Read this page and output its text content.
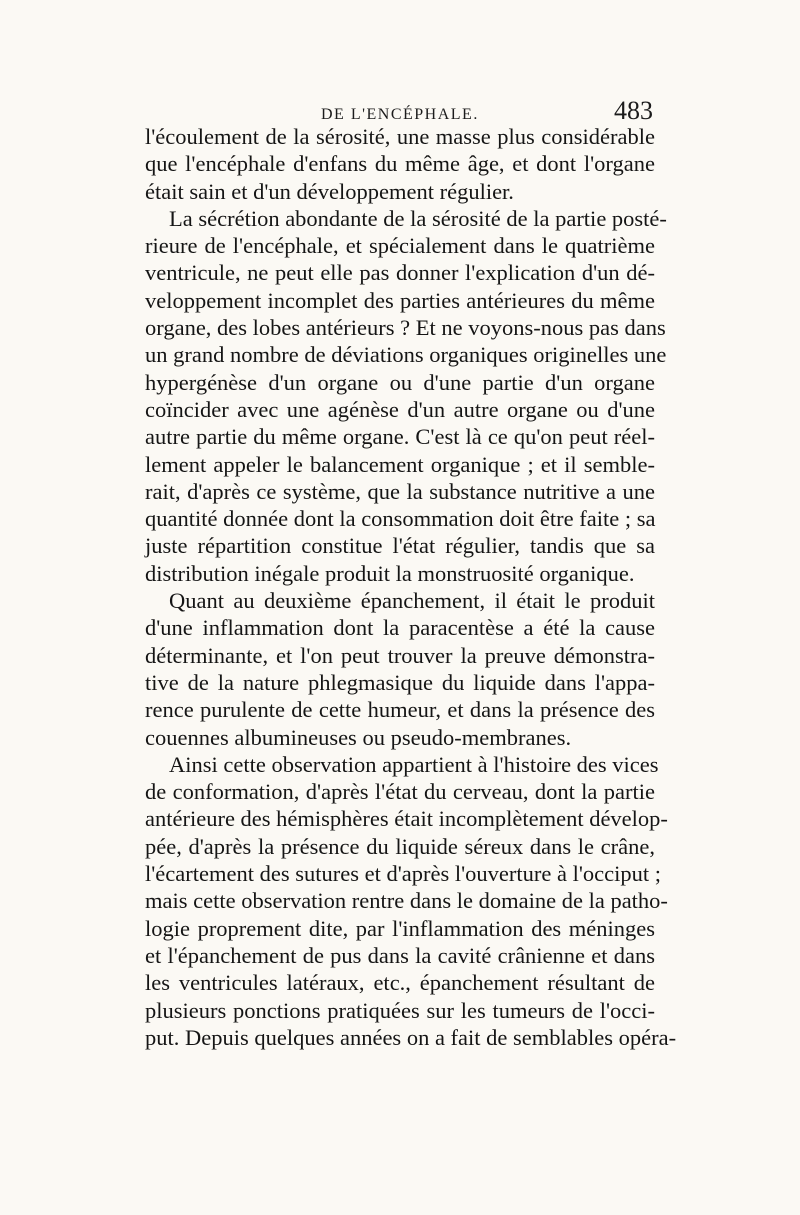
DE L'ENCÉPHALE.	483
l'écoulement de la sérosité, une masse plus considérable
que l'encéphale d'enfans du même âge, et dont l'organe
était sain et d'un développement régulier.
La sécrétion abondante de la sérosité de la partie posté-
rieure de l'encéphale, et spécialement dans le quatrième
ventricule, ne peut elle pas donner l'explication d'un dé-
veloppement incomplet des parties antérieures du même
organe, des lobes antérieurs ? Et ne voyons-nous pas dans
un grand nombre de déviations organiques originelles une
hypergénèse d'un organe ou d'une partie d'un organe
coïncider avec une agénèse d'un autre organe ou d'une
autre partie du même organe. C'est là ce qu'on peut réel-
lement appeler le balancement organique ; et il semble-
rait, d'après ce système, que la substance nutritive a une
quantité donnée dont la consommation doit être faite ; sa
juste répartition constitue l'état régulier, tandis que sa
distribution inégale produit la monstruosité organique.
Quant au deuxième épanchement, il était le produit
d'une inflammation dont la paracentèse a été la cause
déterminante, et l'on peut trouver la preuve démonstra-
tive de la nature phlegmasique du liquide dans l'appa-
rence purulente de cette humeur, et dans la présence des
couennes albumineuses ou pseudo-membranes.
Ainsi cette observation appartient à l'histoire des vices
de conformation, d'après l'état du cerveau, dont la partie
antérieure des hémisphères était incomplètement dévelop-
pée, d'après la présence du liquide séreux dans le crâne,
l'écartement des sutures et d'après l'ouverture à l'occiput ;
mais cette observation rentre dans le domaine de la patho-
logie proprement dite, par l'inflammation des méninges
et l'épanchement de pus dans la cavité crânienne et dans
les ventricules latéraux, etc., épanchement résultant de
plusieurs ponctions pratiquées sur les tumeurs de l'occi-
put. Depuis quelques années on a fait de semblables opéra-
